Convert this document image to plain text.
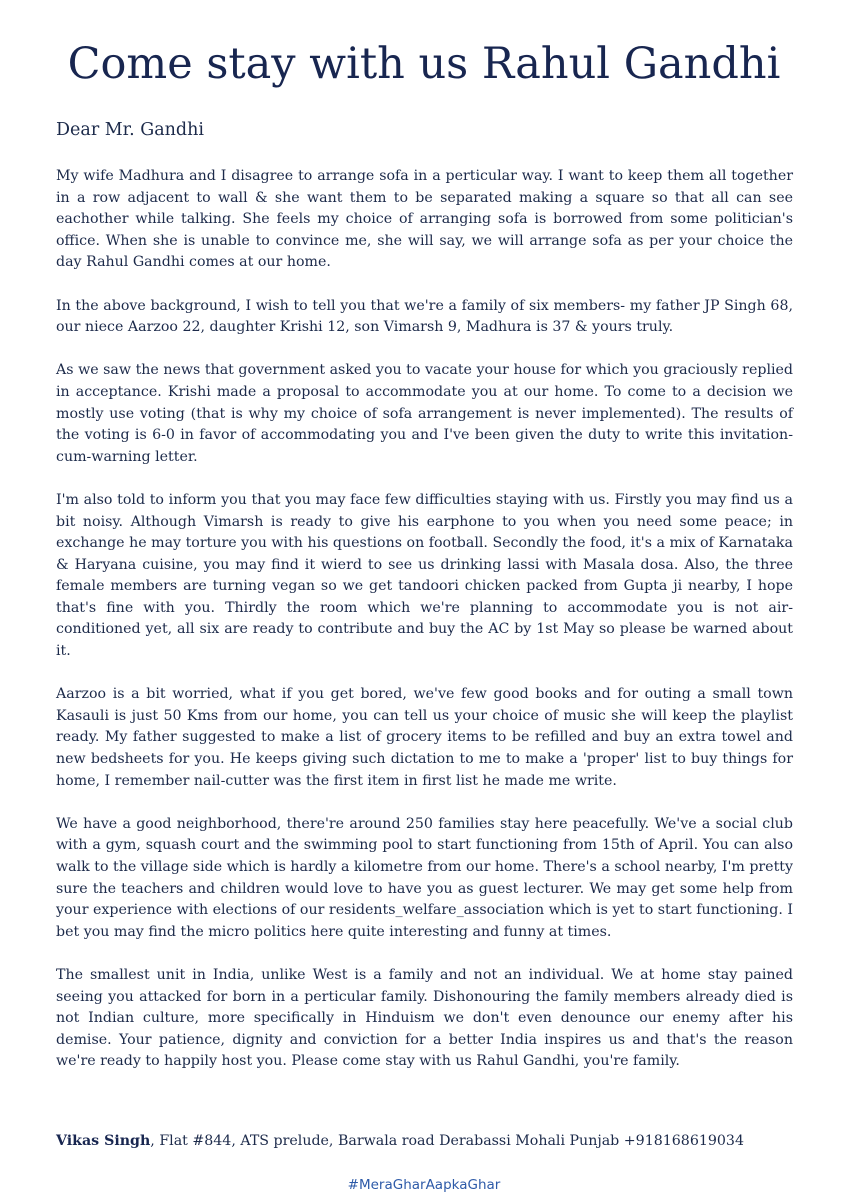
Come stay with us Rahul Gandhi
Dear Mr. Gandhi

My wife Madhura and I disagree to arrange sofa in a perticular way. I want to keep them all together in a row adjacent to wall & she want them to be separated making a square so that all can see eachother while talking. She feels my choice of arranging sofa is borrowed from some politician's office. When she is unable to convince me, she will say, we will arrange sofa as per your choice the day Rahul Gandhi comes at our home.

In the above background, I wish to tell you that we're a family of six members- my father JP Singh 68, our niece Aarzoo 22, daughter Krishi 12, son Vimarsh 9, Madhura is 37 & yours truly.

As we saw the news that government asked you to vacate your house for which you graciously replied in acceptance. Krishi made a proposal to accommodate you at our home. To come to a decision we mostly use voting (that is why my choice of sofa arrangement is never implemented). The results of the voting is 6-0 in favor of accommodating you and I've been given the duty to write this invitation-cum-warning letter.

I'm also told to inform you that you may face few difficulties staying with us. Firstly you may find us a bit noisy. Although Vimarsh is ready to give his earphone to you when you need some peace; in exchange he may torture you with his questions on football. Secondly the food, it's a mix of Karnataka & Haryana cuisine, you may find it wierd to see us drinking lassi with Masala dosa. Also, the three female members are turning vegan so we get tandoori chicken packed from Gupta ji nearby, I hope that's fine with you. Thirdly the room which we're planning to accommodate you is not air-conditioned yet, all six are ready to contribute and buy the AC by 1st May so please be warned about it.

Aarzoo is a bit worried, what if you get bored, we've few good books and for outing a small town Kasauli is just 50 Kms from our home, you can tell us your choice of music she will keep the playlist ready. My father suggested to make a list of grocery items to be refilled and buy an extra towel and new bedsheets for you. He keeps giving such dictation to me to make a 'proper' list to buy things for home, I remember nail-cutter was the first item in first list he made me write.

We have a good neighborhood, there're around 250 families stay here peacefully. We've a social club with a gym, squash court and the swimming pool to start functioning from 15th of April. You can also walk to the village side which is hardly a kilometre from our home. There's a school nearby, I'm pretty sure the teachers and children would love to have you as guest lecturer. We may get some help from your experience with elections of our residents_welfare_association which is yet to start functioning. I bet you may find the micro politics here quite interesting and funny at times.

The smallest unit in India, unlike West is a family and not an individual. We at home stay pained seeing you attacked for born in a perticular family. Dishonouring the family members already died is not Indian culture, more specifically in Hinduism we don't even denounce our enemy after his demise. Your patience, dignity and conviction for a better India inspires us and that's the reason we're ready to happily host you. Please come stay with us Rahul Gandhi, you're family.

Vikas Singh, Flat #844, ATS prelude, Barwala road Derabassi Mohali Punjab +918168619034
#MeraGharAapkaGhar
